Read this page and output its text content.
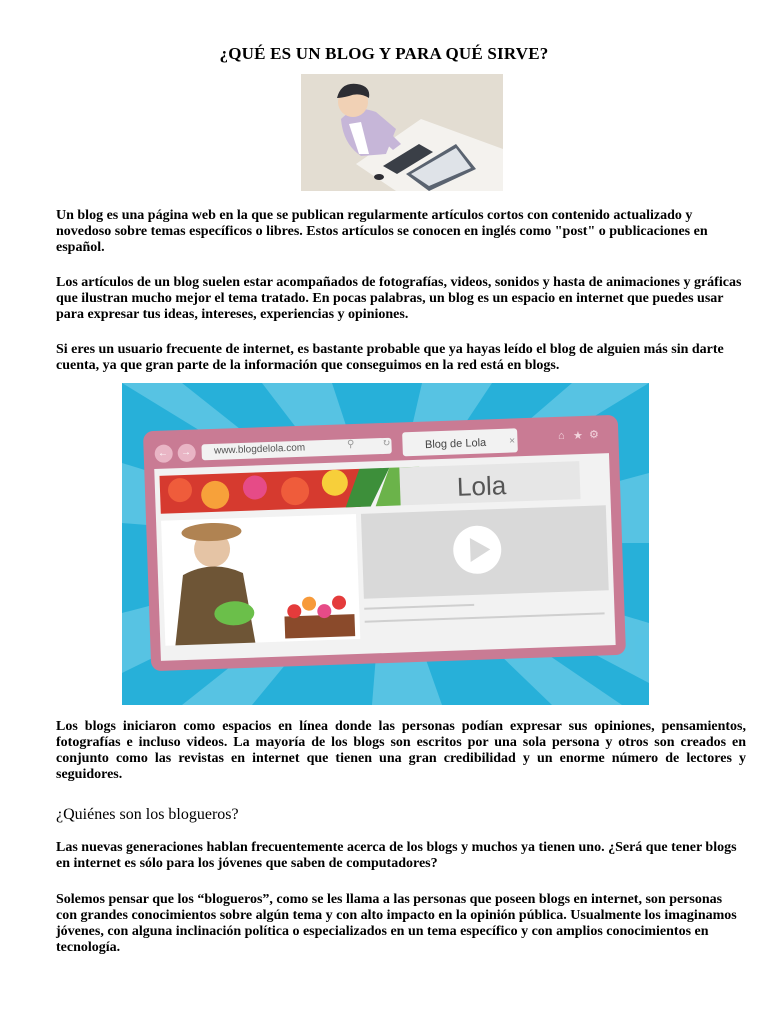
¿QUÉ ES UN BLOG Y PARA QUÉ SIRVE?

Un blog es una página web en la que se publican regularmente artículos cortos con contenido actualizado y novedoso sobre temas específicos o libres. Estos artículos se conocen en inglés como "post" o publicaciones en español.

Los artículos de un blog suelen estar acompañados de fotografías, videos, sonidos y hasta de animaciones y gráficas que ilustran mucho mejor el tema tratado. En pocas palabras, un blog es un espacio en internet que puedes usar para expresar tus ideas, intereses, experiencias y opiniones.

Si eres un usuario frecuente de internet, es bastante probable que ya hayas leído el blog de alguien más sin darte cuenta, ya que gran parte de la información que conseguimos en la red está en blogs.

www.blogdelola.com
← →
⚲	↻	Blog de Lola ×	⌂ ★ ⚙
Lola

Los blogs iniciaron como espacios en línea donde las personas podían expresar sus opiniones, pensamientos, fotografías e incluso videos. La mayoría de los blogs son escritos por una sola persona y otros son creados en conjunto como las revistas en internet que tienen una gran credibilidad y un enorme número de lectores y seguidores.

¿Quiénes son los blogueros?

Las nuevas generaciones hablan frecuentemente acerca de los blogs y muchos ya tienen uno. ¿Será que tener blogs en internet es sólo para los jóvenes que saben de computadores?

Solemos pensar que los “blogueros”, como se les llama a las personas que poseen blogs en internet, son personas con grandes conocimientos sobre algún tema y con alto impacto en la opinión pública. Usualmente los imaginamos jóvenes, con alguna inclinación política o especializados en un tema específico y con amplios conocimientos en tecnología.
